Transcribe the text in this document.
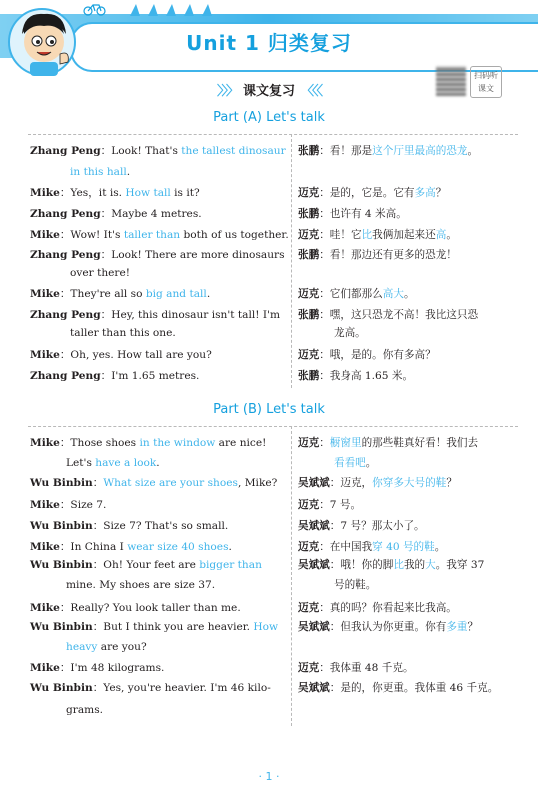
Unit 1 归类复习
〉〉〉 课文复习 〈〈〈
扫码听课文
Part (A) Let's talk
Zhang Peng：Look! That's the tallest dinosaur
in this hall.
Mike：Yes，it is. How tall is it?
Zhang Peng：Maybe 4 metres.
Mike：Wow! It's taller than both of us together.
Zhang Peng：Look! There are more dinosaurs
over there!
Mike：They're all so big and tall.
Zhang Peng：Hey, this dinosaur isn't tall! I'm
taller than this one.
Mike：Oh, yes. How tall are you?
Zhang Peng：I'm 1.65 metres.
张鹏：看！那是这个厅里最高的恐龙。
迈克：是的，它是。它有多高？
张鹏：也许有 4 米高。
迈克：哇！它比我俩加起来还高。
张鹏：看！那边还有更多的恐龙！
迈克：它们都那么高大。
张鹏：嘿，这只恐龙不高！我比这只恐
龙高。
迈克：哦，是的。你有多高？
张鹏：我身高 1.65 米。
Part (B) Let's talk
Mike：Those shoes in the window are nice!
Let's have a look.
Wu Binbin：What size are your shoes, Mike?
Mike：Size 7.
Wu Binbin：Size 7? That's so small.
Mike：In China I wear size 40 shoes.
Wu Binbin：Oh! Your feet are bigger than
mine. My shoes are size 37.
Mike：Really? You look taller than me.
Wu Binbin：But I think you are heavier. How
heavy are you?
Mike：I'm 48 kilograms.
Wu Binbin：Yes, you're heavier. I'm 46 kilo-
grams.
迈克：橱窗里的那些鞋真好看！我们去
看看吧。
吴斌斌：迈克，你穿多大号的鞋？
迈克：7 号。
吴斌斌：7 号？那太小了。
迈克：在中国我穿 40 号的鞋。
吴斌斌：哦！你的脚比我的大。我穿 37
号的鞋。
迈克：真的吗？你看起来比我高。
吴斌斌：但我认为你更重。你有多重？
迈克：我体重 48 千克。
吴斌斌：是的，你更重。我体重 46 千克。
· 1 ·
